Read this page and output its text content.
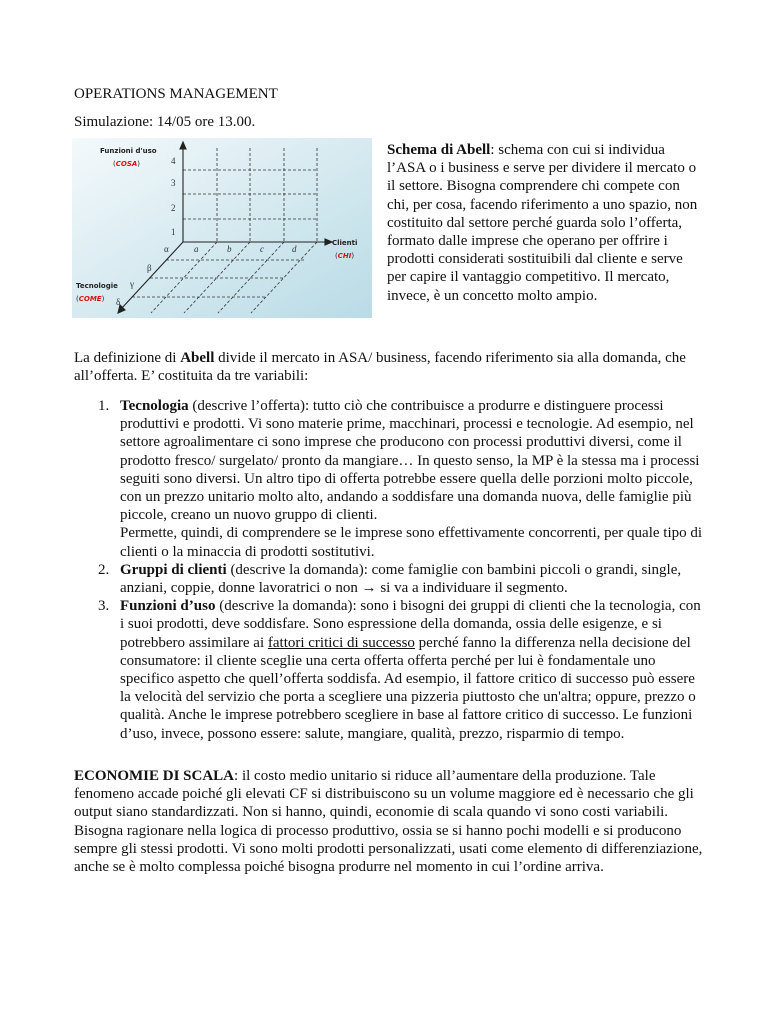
OPERATIONS MANAGEMENT
Simulazione: 14/05 ore 13.00.
Funzioni d'uso
(COSA)
Clienti
(CHI)
Tecnologie
(COME)
1
2
3
4
a	b	c	d
α
β
γ
δ

Schema di Abell: schema con cui si individua l’ASA o i business e serve per dividere il mercato o il settore. Bisogna comprendere chi compete con chi, per cosa, facendo riferimento a uno spazio, non costituito dal settore perché guarda solo l’offerta, formato dalle imprese che operano per offrire i prodotti considerati sostituibili dal cliente e serve per capire il vantaggio competitivo. Il mercato, invece, è un concetto molto ampio.

La definizione di Abell divide il mercato in ASA/ business, facendo riferimento sia alla domanda, che all’offerta. E’ costituita da tre variabili:

1. Tecnologia (descrive l’offerta): tutto ciò che contribuisce a produrre e distinguere processi produttivi e prodotti. Vi sono materie prime, macchinari, processi e tecnologie. Ad esempio, nel settore agroalimentare ci sono imprese che producono con processi produttivi diversi, come il prodotto fresco/ surgelato/ pronto da mangiare… In questo senso, la MP è la stessa ma i processi seguiti sono diversi. Un altro tipo di offerta potrebbe essere quella delle porzioni molto piccole, con un prezzo unitario molto alto, andando a soddisfare una domanda nuova, delle famiglie più piccole, creano un nuovo gruppo di clienti.
Permette, quindi, di comprendere se le imprese sono effettivamente concorrenti, per quale tipo di clienti o la minaccia di prodotti sostitutivi.
2. Gruppi di clienti (descrive la domanda): come famiglie con bambini piccoli o grandi, single, anziani, coppie, donne lavoratrici o non → si va a individuare il segmento.
3. Funzioni d’uso (descrive la domanda): sono i bisogni dei gruppi di clienti che la tecnologia, con i suoi prodotti, deve soddisfare. Sono espressione della domanda, ossia delle esigenze, e si potrebbero assimilare ai fattori critici di successo perché fanno la differenza nella decisione del consumatore: il cliente sceglie una certa offerta offerta perché per lui è fondamentale uno specifico aspetto che quell’offerta soddisfa. Ad esempio, il fattore critico di successo può essere la velocità del servizio che porta a scegliere una pizzeria piuttosto che un'altra; oppure, prezzo o qualità. Anche le imprese potrebbero scegliere in base al fattore critico di successo. Le funzioni d’uso, invece, possono essere: salute, mangiare, qualità, prezzo, risparmio di tempo.

ECONOMIE DI SCALA: il costo medio unitario si riduce all’aumentare della produzione. Tale fenomeno accade poiché gli elevati CF si distribuiscono su un volume maggiore ed è necessario che gli output siano standardizzati. Non si hanno, quindi, economie di scala quando vi sono costi variabili. Bisogna ragionare nella logica di processo produttivo, ossia se si hanno pochi modelli e si producono sempre gli stessi prodotti. Vi sono molti prodotti personalizzati, usati come elemento di differenziazione, anche se è molto complessa poiché bisogna produrre nel momento in cui l’ordine arriva.
